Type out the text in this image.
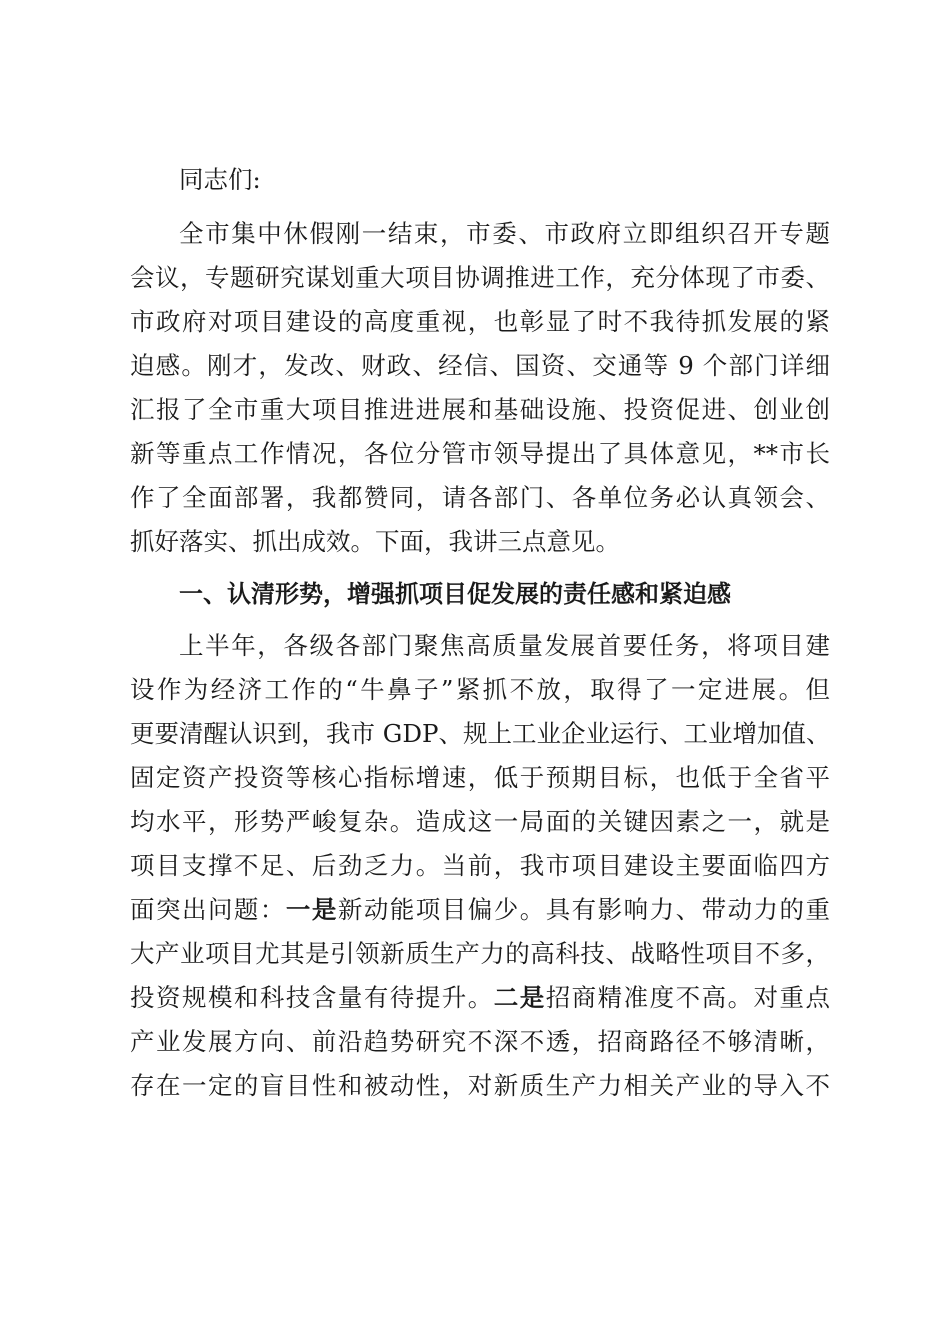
同志们:
全市集中休假刚一结束，市委、市政府立即组织召开专题
会议，专题研究谋划重大项目协调推进工作，充分体现了市委、
市政府对项目建设的高度重视，也彰显了时不我待抓发展的紧
迫感。刚才，发改、财政、经信、国资、交通等 9 个部门详细
汇报了全市重大项目推进进展和基础设施、投资促进、创业创
新等重点工作情况，各位分管市领导提出了具体意见，**市长
作了全面部署，我都赞同，请各部门、各单位务必认真领会、
抓好落实、抓出成效。下面，我讲三点意见。
一、认清形势，增强抓项目促发展的责任感和紧迫感
上半年，各级各部门聚焦高质量发展首要任务，将项目建
设作为经济工作的“牛鼻子”紧抓不放，取得了一定进展。但
更要清醒认识到，我市 GDP、规上工业企业运行、工业增加值、
固定资产投资等核心指标增速，低于预期目标，也低于全省平
均水平，形势严峻复杂。造成这一局面的关键因素之一，就是
项目支撑不足、后劲乏力。当前，我市项目建设主要面临四方
面突出问题：一是新动能项目偏少。具有影响力、带动力的重
大产业项目尤其是引领新质生产力的高科技、战略性项目不多，
投资规模和科技含量有待提升。二是招商精准度不高。对重点
产业发展方向、前沿趋势研究不深不透，招商路径不够清晰，
存在一定的盲目性和被动性，对新质生产力相关产业的导入不
